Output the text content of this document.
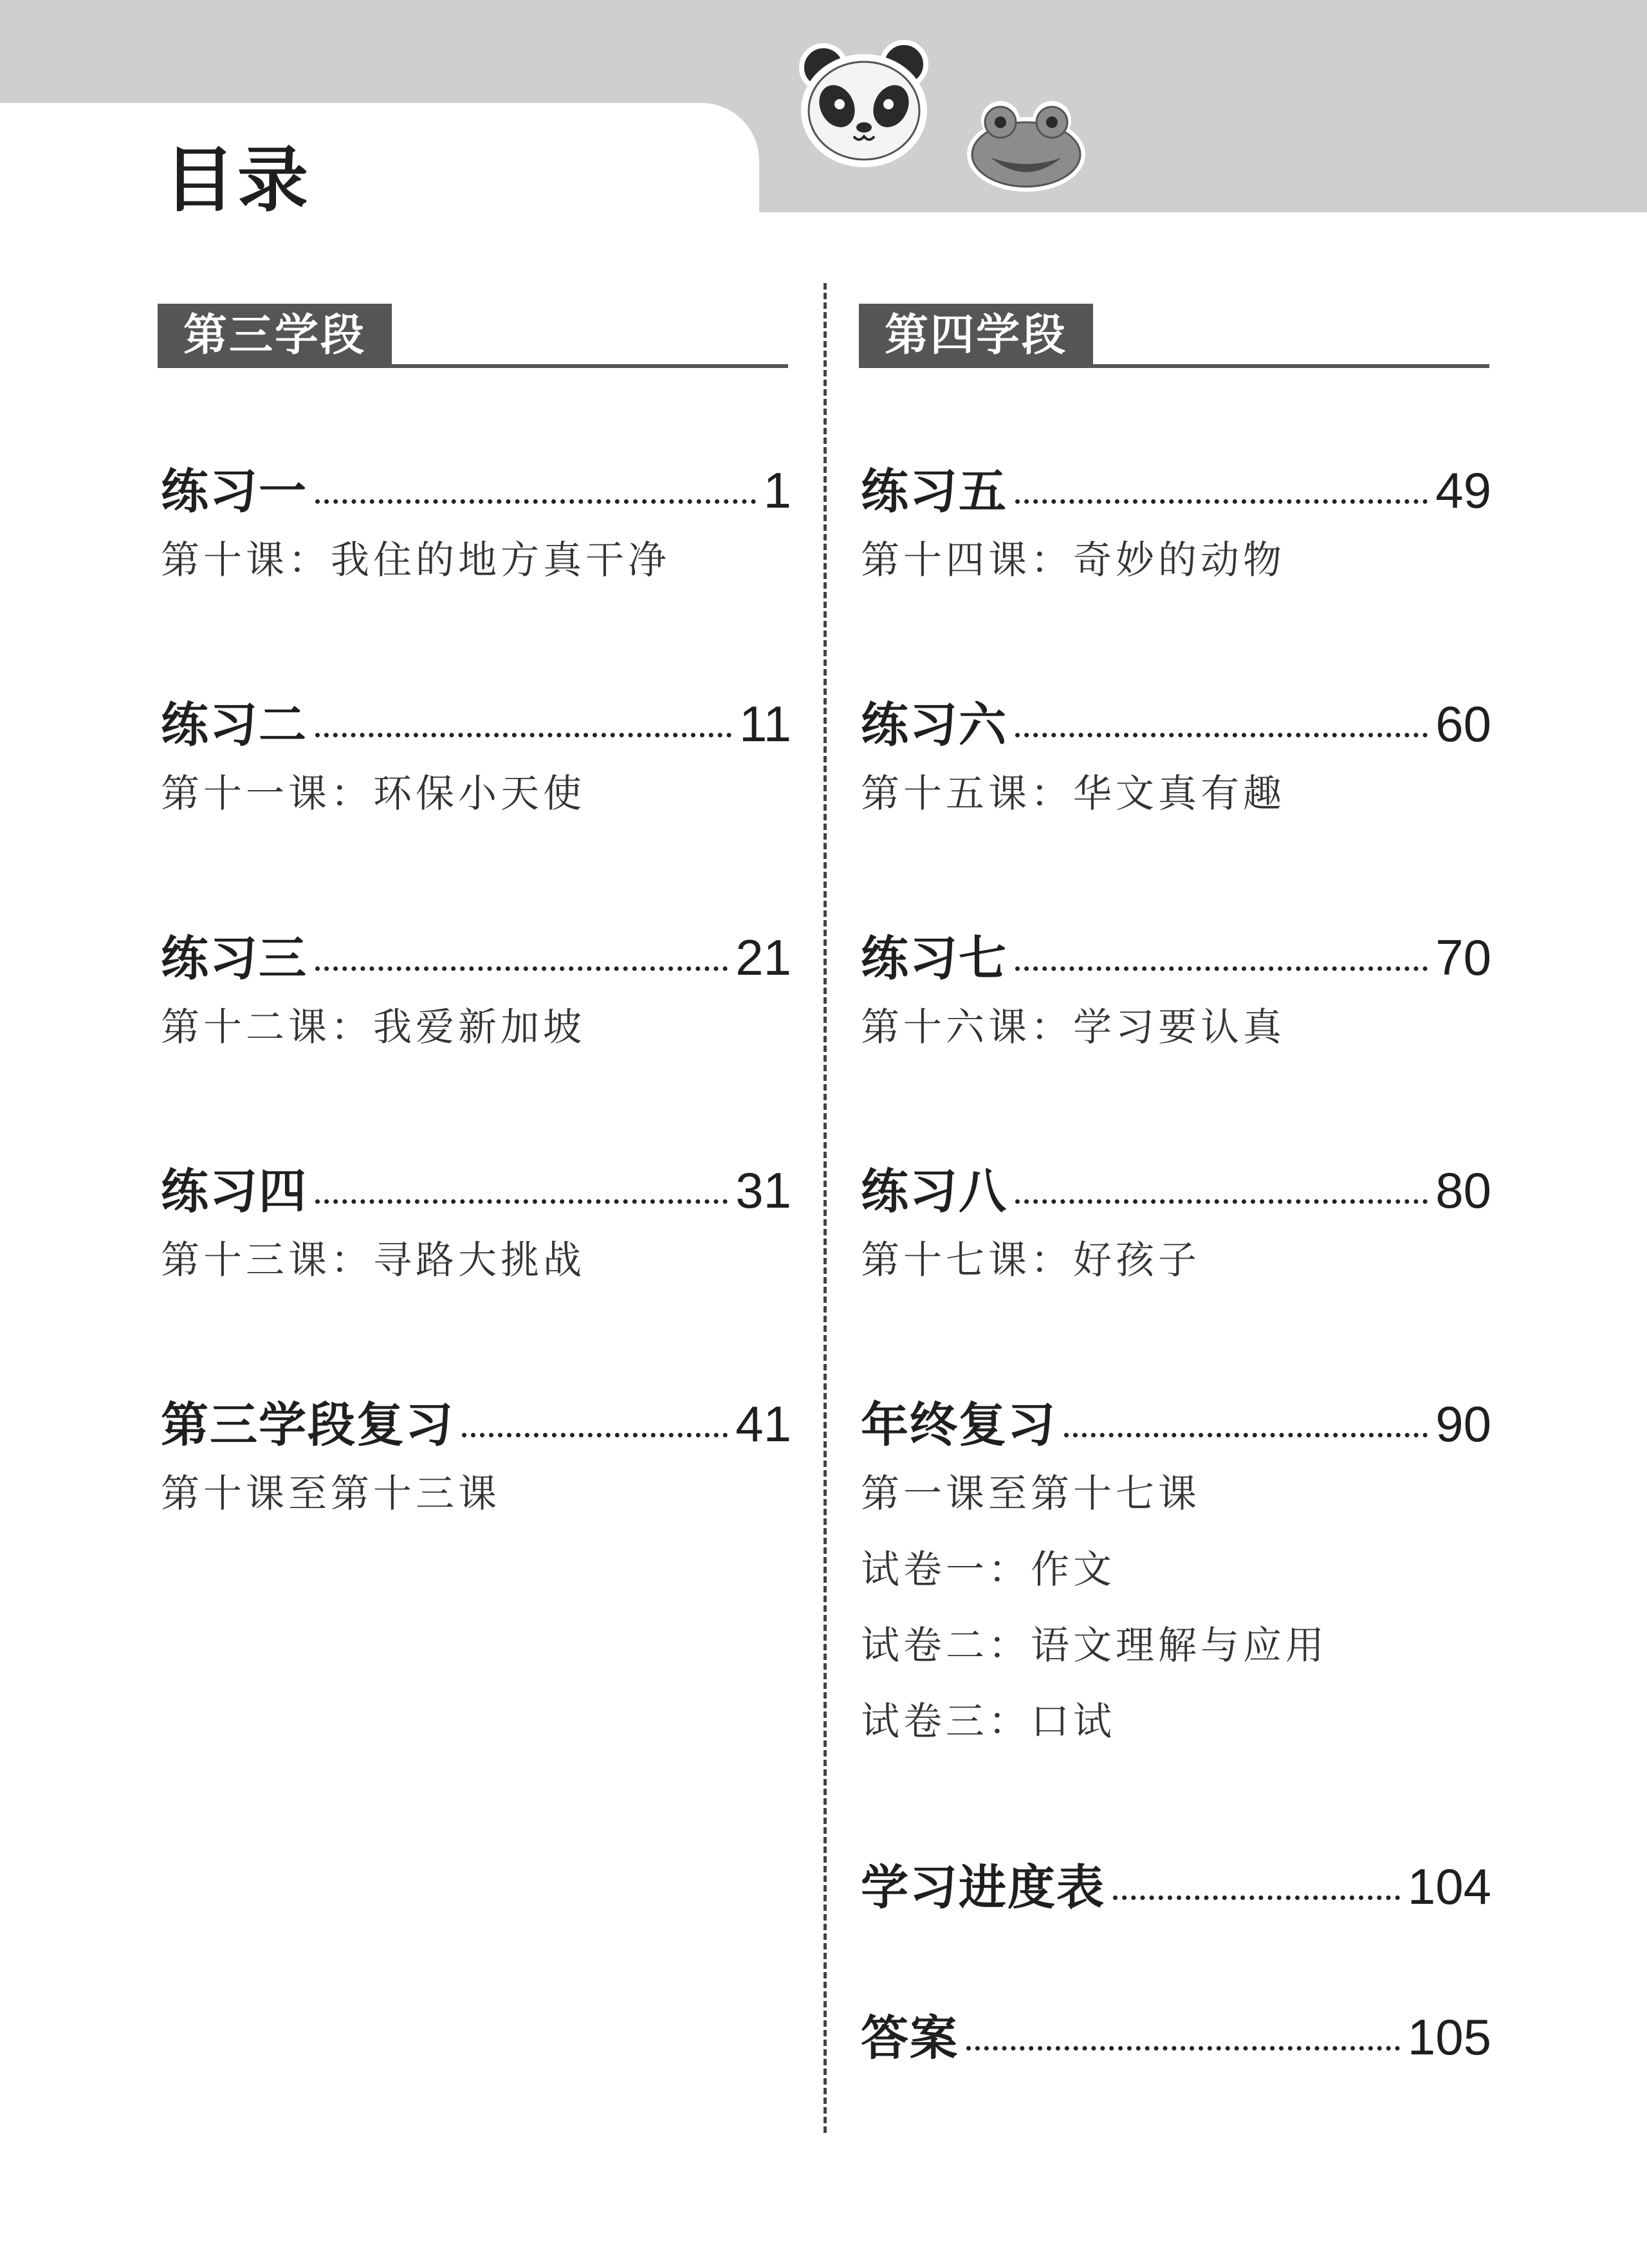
目录
第三学段	第四学段
练习一	1
第十课：我住的地方真干净
练习二	11
第十一课：环保小天使
练习三	21
第十二课：我爱新加坡
练习四	31
第十三课：寻路大挑战
第三学段复习	41
第十课至第十三课
练习五	49
第十四课：奇妙的动物
练习六	60
第十五课：华文真有趣
练习七	70
第十六课：学习要认真
练习八	80
第十七课：好孩子
年终复习	90
第一课至第十七课
试卷一：作文
试卷二：语文理解与应用
试卷三：口试
学习进度表	104
答案	105
